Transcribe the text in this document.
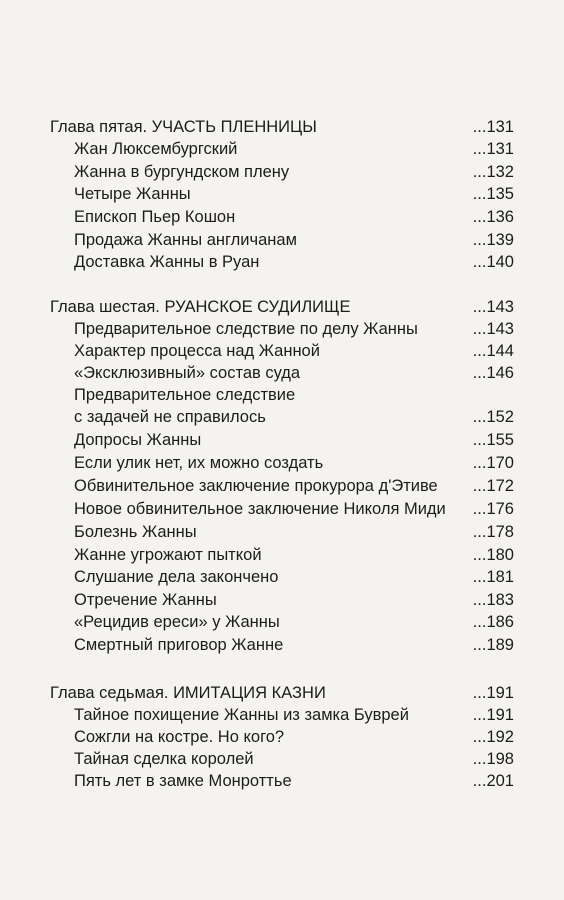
Глава пятая. УЧАСТЬ ПЛЕННИЦЫ	...131
Жан Люксембургский	...131
Жанна в бургундском плену	...132
Четыре Жанны	...135
Епископ Пьер Кошон	...136
Продажа Жанны англичанам	...139
Доставка Жанны в Руан	...140
Глава шестая. РУАНСКОЕ СУДИЛИЩЕ	...143
Предварительное следствие по делу Жанны	...143
Характер процесса над Жанной	...144
«Эксклюзивный» состав суда	...146
Предварительное следствие
с задачей не справилось	...152
Допросы Жанны	...155
Если улик нет, их можно создать	...170
Обвинительное заключение прокурора д'Этиве ...172
Новое обвинительное заключение Николя Миди ...176
Болезнь Жанны	...178
Жанне угрожают пыткой	...180
Слушание дела закончено	...181
Отречение Жанны	...183
«Рецидив ереси» у Жанны	...186
Смертный приговор Жанне	...189
Глава седьмая. ИМИТАЦИЯ КАЗНИ	...191
Тайное похищение Жанны из замка Буврей	...191
Сожгли на костре. Но кого?	...192
Тайная сделка королей	...198
Пять лет в замке Монроттье	...201
